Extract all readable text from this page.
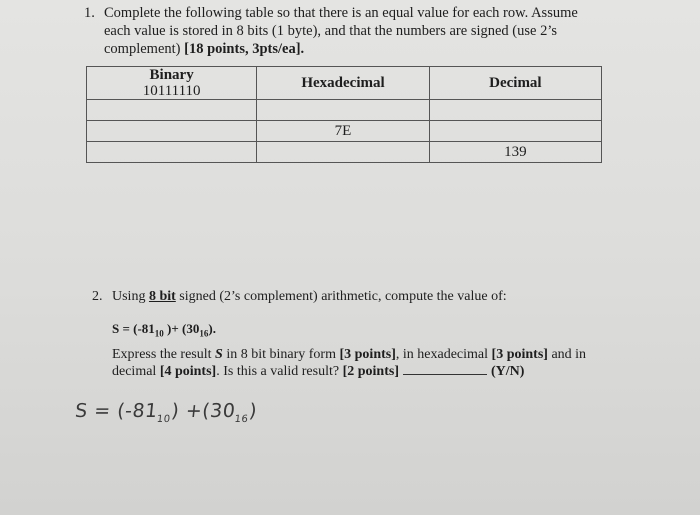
1. Complete the following table so that there is an equal value for each row. Assume each value is stored in 8 bits (1 byte), and that the numbers are signed (use 2’s complement) [18 points, 3pts/ea].
Binary
10111110	Hexadecimal	Decimal

	7E	
		139
2. Using 8 bit signed (2’s complement) arithmetic, compute the value of:
$S = (-81_{10}$ )+ $(30_{16})$.
Express the result S in 8 bit binary form [3 points], in hexadecimal [3 points] and in decimal [4 points]. Is this a valid result? [2 points]	(Y/N)
$S = (-81_{10}) +(30_{16})$
